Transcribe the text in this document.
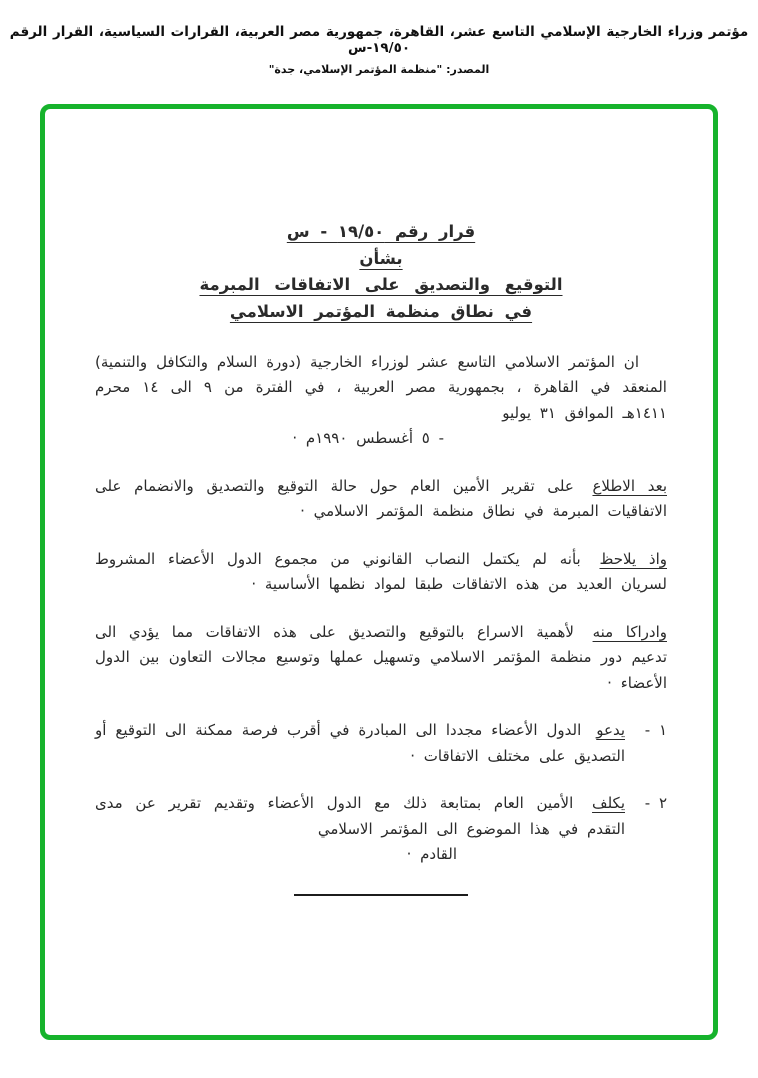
مؤتمر وزراء الخارجية الإسلامي التاسع عشر، القاهرة، جمهورية مصر العربية، القرارات السياسية، القرار الرقم ١٩/٥٠-س
المصدر: "منظمة المؤتمر الإسلامي، جدة"
قرار رقم ١٩/٥٠ - س
بشأن
التوقيع والتصديق على الاتفاقات المبرمة
في نطاق منظمة المؤتمر الاسلامي

ان المؤتمر الاسلامي التاسع عشر لوزراء الخارجية (دورة السلام والتكافل والتنمية) المنعقد في القاهرة ، بجمهورية مصر العربية ، في الفترة من ٩ الى ١٤ محرم ١٤١١هـ الموافق ٣١ يوليو
- ٥ أغسطس ١٩٩٠م ·

بعد الاطلاع على تقرير الأمين العام حول حالة التوقيع والتصديق والانضمام على الاتفاقيات المبرمة في نطاق منظمة المؤتمر الاسلامي ·

واذ يلاحظ بأنه لم يكتمل النصاب القانوني من مجموع الدول الأعضاء المشروط لسريان العديد من هذه الاتفاقات طبقا لمواد نظمها الأساسية ·

وادراكا منه لأهمية الاسراع بالتوقيع والتصديق على هذه الاتفاقات مما يؤدي الى تدعيم دور منظمة المؤتمر الاسلامي وتسهيل عملها وتوسيع مجالات التعاون بين الدول الأعضاء ·

١ -
يدعو الدول الأعضاء مجددا الى المبادرة في أقرب فرصة ممكنة الى التوقيع أو التصديق على مختلف الاتفاقات ·
٢ -
يكلف الأمين العام بمتابعة ذلك مع الدول الأعضاء وتقديم تقرير عن مدى التقدم في هذا الموضوع الى المؤتمر الاسلامي
القادم ·
